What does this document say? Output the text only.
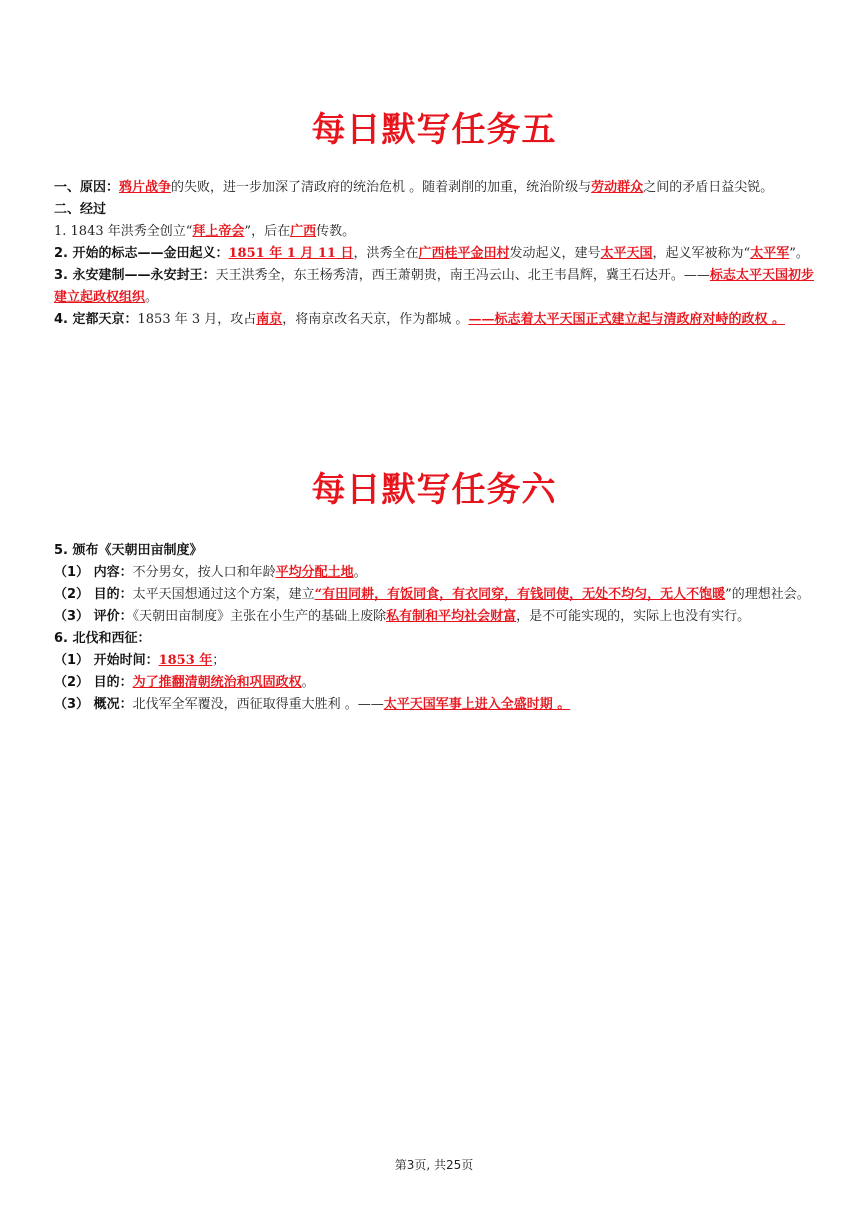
每日默写任务五

一、原因：鸦片战争的失败，进一步加深了清政府的统治危机 。随着剥削的加重，统治阶级与劳动群众之间的矛盾日益尖锐。

二、经过

1. 1843 年洪秀全创立“拜上帝会”，后在广西传教。

2. 开始的标志——金田起义：1851 年 1 月 11 日，洪秀全在广西桂平金田村发动起义，建号太平天国，起义军被称为“太平军”。

3. 永安建制——永安封王：天王洪秀全，东王杨秀清，西王萧朝贵，南王冯云山、北王韦昌辉，冀王石达开。——标志太平天国初步建立起政权组织。

4. 定都天京：1853 年 3 月，攻占南京，将南京改名天京，作为都城 。——标志着太平天国正式建立起与清政府对峙的政权 。

每日默写任务六

5. 颁布《天朝田亩制度》

（1） 内容：不分男女，按人口和年龄平均分配土地。

（2） 目的：太平天国想通过这个方案，建立“有田同耕，有饭同食，有衣同穿，有钱同使，无处不均匀，无人不饱暖”的理想社会。

（3） 评价：《天朝田亩制度》主张在小生产的基础上废除私有制和平均社会财富，是不可能实现的，实际上也没有实行。

6. 北伐和西征：

（1） 开始时间：1853 年；

（2） 目的：为了推翻清朝统治和巩固政权。

（3） 概况：北伐军全军覆没，西征取得重大胜利 。——太平天国军事上进入全盛时期 。

第3页, 共25页
